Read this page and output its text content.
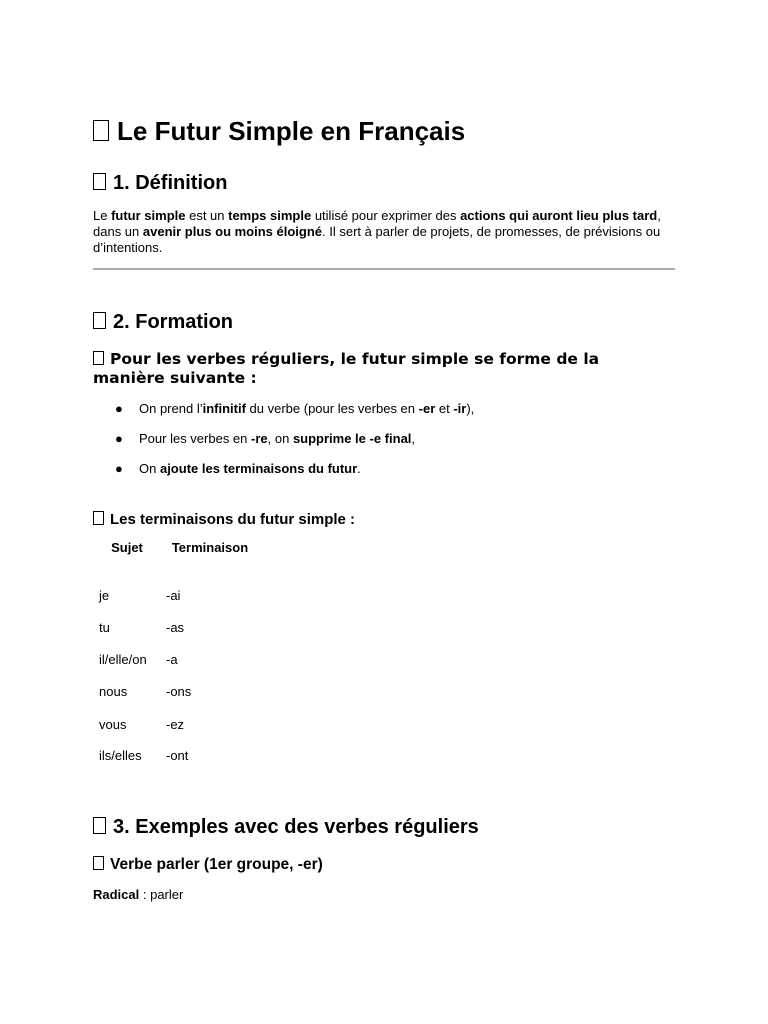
Le Futur Simple en Français
1. Définition

Le futur simple est un temps simple utilisé pour exprimer des actions qui auront lieu plus tard, dans un avenir plus ou moins éloigné. Il sert à parler de projets, de promesses, de prévisions ou d’intentions.

2. Formation
Pour les verbes réguliers, le futur simple se forme de la manière suivante :
● On prend l’infinitif du verbe (pour les verbes en -er et -ir),
● Pour les verbes en -re, on supprime le -e final,
● On ajoute les terminaisons du futur.
Les terminaisons du futur simple :
Sujet	Terminaison
je	-ai
tu	-as
il/elle/on -a
nous	-ons
vous	-ez
ils/elles -ont
3. Exemples avec des verbes réguliers
Verbe parler (1er groupe, -er)
Radical : parler
